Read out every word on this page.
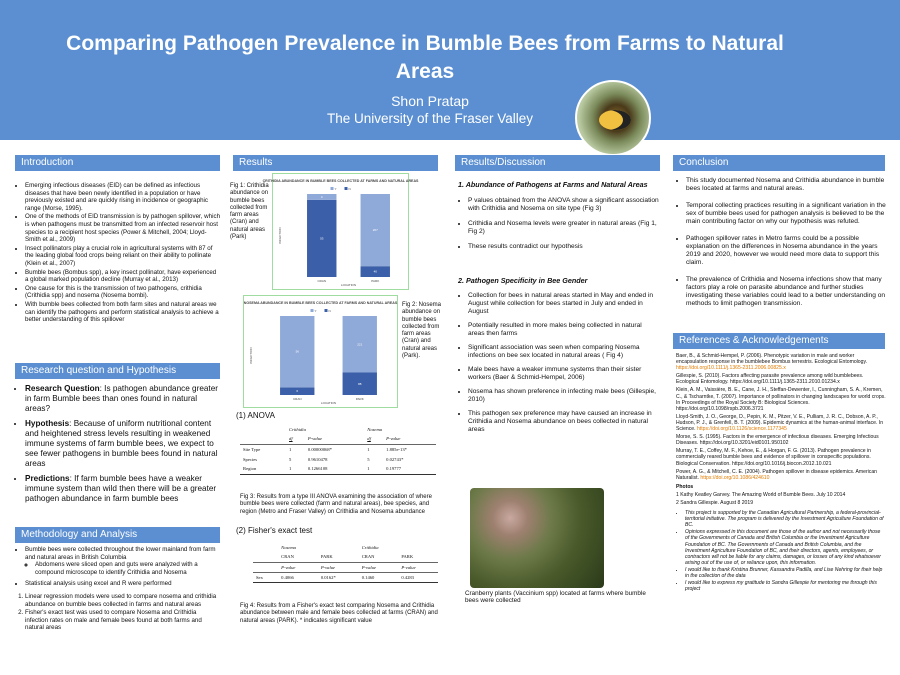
Comparing Pathogen Prevalence in Bumble Bees from Farms to Natural Areas
Shon Pratap
The University of the Fraser Valley
Introduction
• Emerging infectious diseases (EID) can be defined as infectious diseases that have been newly identified in a population or have previously existed and are quickly rising in incidence or geographic range (Morse, 1995).
• One of the methods of EID transmission is by pathogen spillover, which is when pathogens must be transmitted from an infected reservoir host species to a recipient host species (Power & Mitchell, 2004; Lloyd-Smith et al., 2009)
• Insect pollinators play a crucial role in agricultural systems with 87 of the leading global food crops being reliant on their ability to pollinate (Klein et al., 2007)
• Bumble bees (Bombus spp), a key insect pollinator, have experienced a global marked population decline (Murray et al., 2013)
• One cause for this is the transmission of two pathogens, crithidia (Crithidia spp) and nosema (Nosema bombi).
• With bumble bees collected from both farm sites and natural areas we can identify the pathogens and perform statistical analysis to achieve a better understanding of this spillover
Research question and Hypothesis
• Research Question: Is pathogen abundance greater in farm Bumble bees than ones found in natural areas?
• Hypothesis: Because of uniform nutritional content and heightened stress levels resulting in weakened immune systems of farm bumble bees, we expect to see fewer pathogens in bumble bees found in natural areas
• Predictions: If farm bumble bees have a weaker immune system than wild then there will be a greater pathogen abundance in farm bumble bees
Methodology and Analysis
• Bumble bees were collected throughout the lower mainland from farm and natural areas in British Columbia
◦ Abdomens were sliced open and guts were analyzed with a compound microscope to identify Crithidia and Nosema
• Statistical analysis using excel and R were performed
1. Linear regression models were used to compare nosema and crithidia abundance on bumble bees collected in farms and natural areas
2. Fisher's exact test was used to compare Nosema and Crithidia infection rates on male and female bees found at both farms and natural areas
Results
Fig 1: Crithidia abundance on bumble bees collected from farm areas (Cran) and natural areas (Park)
CRITHIDIA ABUNDANCE IN BUMBLE BEES COLLECTED AT FARMS AND NATURAL AREAS
Y	N
INFECTION
LOCATION
53
4
CRAN
40
267
PARK
NOSEMA ABUNDANCE IN BUMBLE BEES COLLECTED AT FARMS AND NATURAL AREAS
Y	N
INFECTION
LOCATION
6
56
CRAN
88
221
PARK
Fig 2: Nosema abundance on bumble bees collected from farm areas (Cran) and natural areas (Park).
(1) ANOVA
	Crithidia		Nosema	
	df	P-value	df	P-value
Site Type	1	0.00000068*	1	1.885e-13*
Species	5	0.9610478	5	0.02743*
Region	1	0.1266108	1	0.19777
Fig 3: Results from a type III ANOVA examining the association of where bumble bees were collected (farm and natural areas), bee species, and region (Metro and Fraser Valley) on Crithidia and Nosema abundance
(2) Fisher's exact test
	Nosema		Crithidia	
	CRAN	PARK	CRAN	PARK
	P-value	P-value	P-value	P-value
Sex	0.4066	0.0162*	0.1460	0.4283
Fig 4: Results from a Fisher's exact test comparing Nosema and Crithidia abundance between male and female bees collected at farms (CRAN) and natural areas (PARK). * indicates significant value
Results/Discussion
1. Abundance of Pathogens at Farms and Natural Areas
• P values obtained from the ANOVA show a significant association with Crithidia and Nosema on site type (Fig 3)
• Crithidia and Nosema levels were greater in natural areas (Fig 1, Fig 2)
• These results contradict our hypothesis
2. Pathogen Specificity in Bee Gender
• Collection for bees in natural areas started in May and ended in August while collection for bees started in July and ended in August
• Potentially resulted in more males being collected in natural areas then farms
• Significant association was seen when comparing Nosema infections on bee sex located in natural areas ( Fig 4)
• Male bees have a weaker immune systems than their sister workers (Baer & Schmid-Hempel, 2006)
• Nosema has shown preference in infecting male bees (Gillespie, 2010)
• This pathogen sex preference may have caused an increase in Crithidia and Nosema abundance on bees collected in natural areas
Cranberry plants (Vaccinium spp) located at farms where bumble bees were collected
Conclusion
• This study documented Nosema and Crithidia abundance in bumble bees located at farms and natural areas.
• Temporal collecting practices resulting in a significant variation in the sex of bumble bees used for pathogen analysis is believed to be the main contributing factor on why our hypothesis was refuted.
• Pathogen spillover rates in Metro farms could be a possible explanation on the differences in Nosema abundance in the years 2019 and 2020, however we would need more data to support this claim.
• The prevalence of Crithidia and Nosema infections show that many factors play a role on parasite abundance and further studies investigating these variables could lead to a better understanding on methods to limit pathogen transmission.
References & Acknowledgements

Baer, B., & Schmid-Hempel, P. (2006). Phenotypic variation in male and worker encapsulation response in the bumblebee Bombus terrestris. Ecological Entomology. https://doi.org/10.1111/j.1365-2311.2006.00825.x

Gillespie, S. (2010). Factors affecting parasite prevalence among wild bumblebees. Ecological Entomology. https://doi.org/10.1111/j.1365-2311.2010.01234.x

Klein, A. M., Vaissière, B. E., Cane, J. H., Steffan-Dewenter, I., Cunningham, S. A., Kremen, C., & Tscharntke, T. (2007). Importance of pollinators in changing landscapes for world crops. In Proceedings of the Royal Society B: Biological Sciences. https://doi.org/10.1098/rspb.2006.3721

Lloyd-Smith, J. O., George, D., Pepin, K. M., Pitzer, V. E., Pulliam, J. R. C., Dobson, A. P., Hudson, P. J., & Grenfell, B. T. (2009). Epidemic dynamics at the human-animal interface. In Science. https://doi.org/10.1126/science.1177345

Morse, S. S. (1995). Factors in the emergence of infectious diseases. Emerging Infectious Diseases. https://doi.org/10.3201/eid0101.950102

Murray, T. E., Coffey, M. F., Kehoe, E., & Horgan, F. G. (2013). Pathogen prevalence in commercially reared bumble bees and evidence of spillover in conspecific populations. Biological Conservation. https://doi.org/10.1016/j.biocon.2012.10.021

Power, A. G., & Mitchell, C. E. (2004). Pathogen spillover in disease epidemics. American Naturalist. https://doi.org/10.1086/424610

Photos

1 Kathy Keatley Garvey. The Amazing World of Bumble Bees. July 10 2014

2 Sandra Gillespie. August 8 2019

• This project is supported by the Canadian Agricultural Partnership, a federal-provincial-territorial initiative. The program is delivered by the Investment Agriculture Foundation of BC.
• Opinions expressed in this document are those of the author and not necessarily those of the Governments of Canada and British Columbia or the Investment Agriculture Foundation of BC. The Governments of Canada and British Columbia, and the Investment Agriculture Foundation of BC, and their directors, agents, employees, or contractors will not be liable for any claims, damages, or losses of any kind whatsoever arising out of the use of, or reliance upon, this information.
• I would like to thank Kristina Brunner, Kassandra Padilla, and Lise Nehring for their help in the collection of the data
• I would like to express my gratitude to Sandra Gillespie for mentoring me through this project
